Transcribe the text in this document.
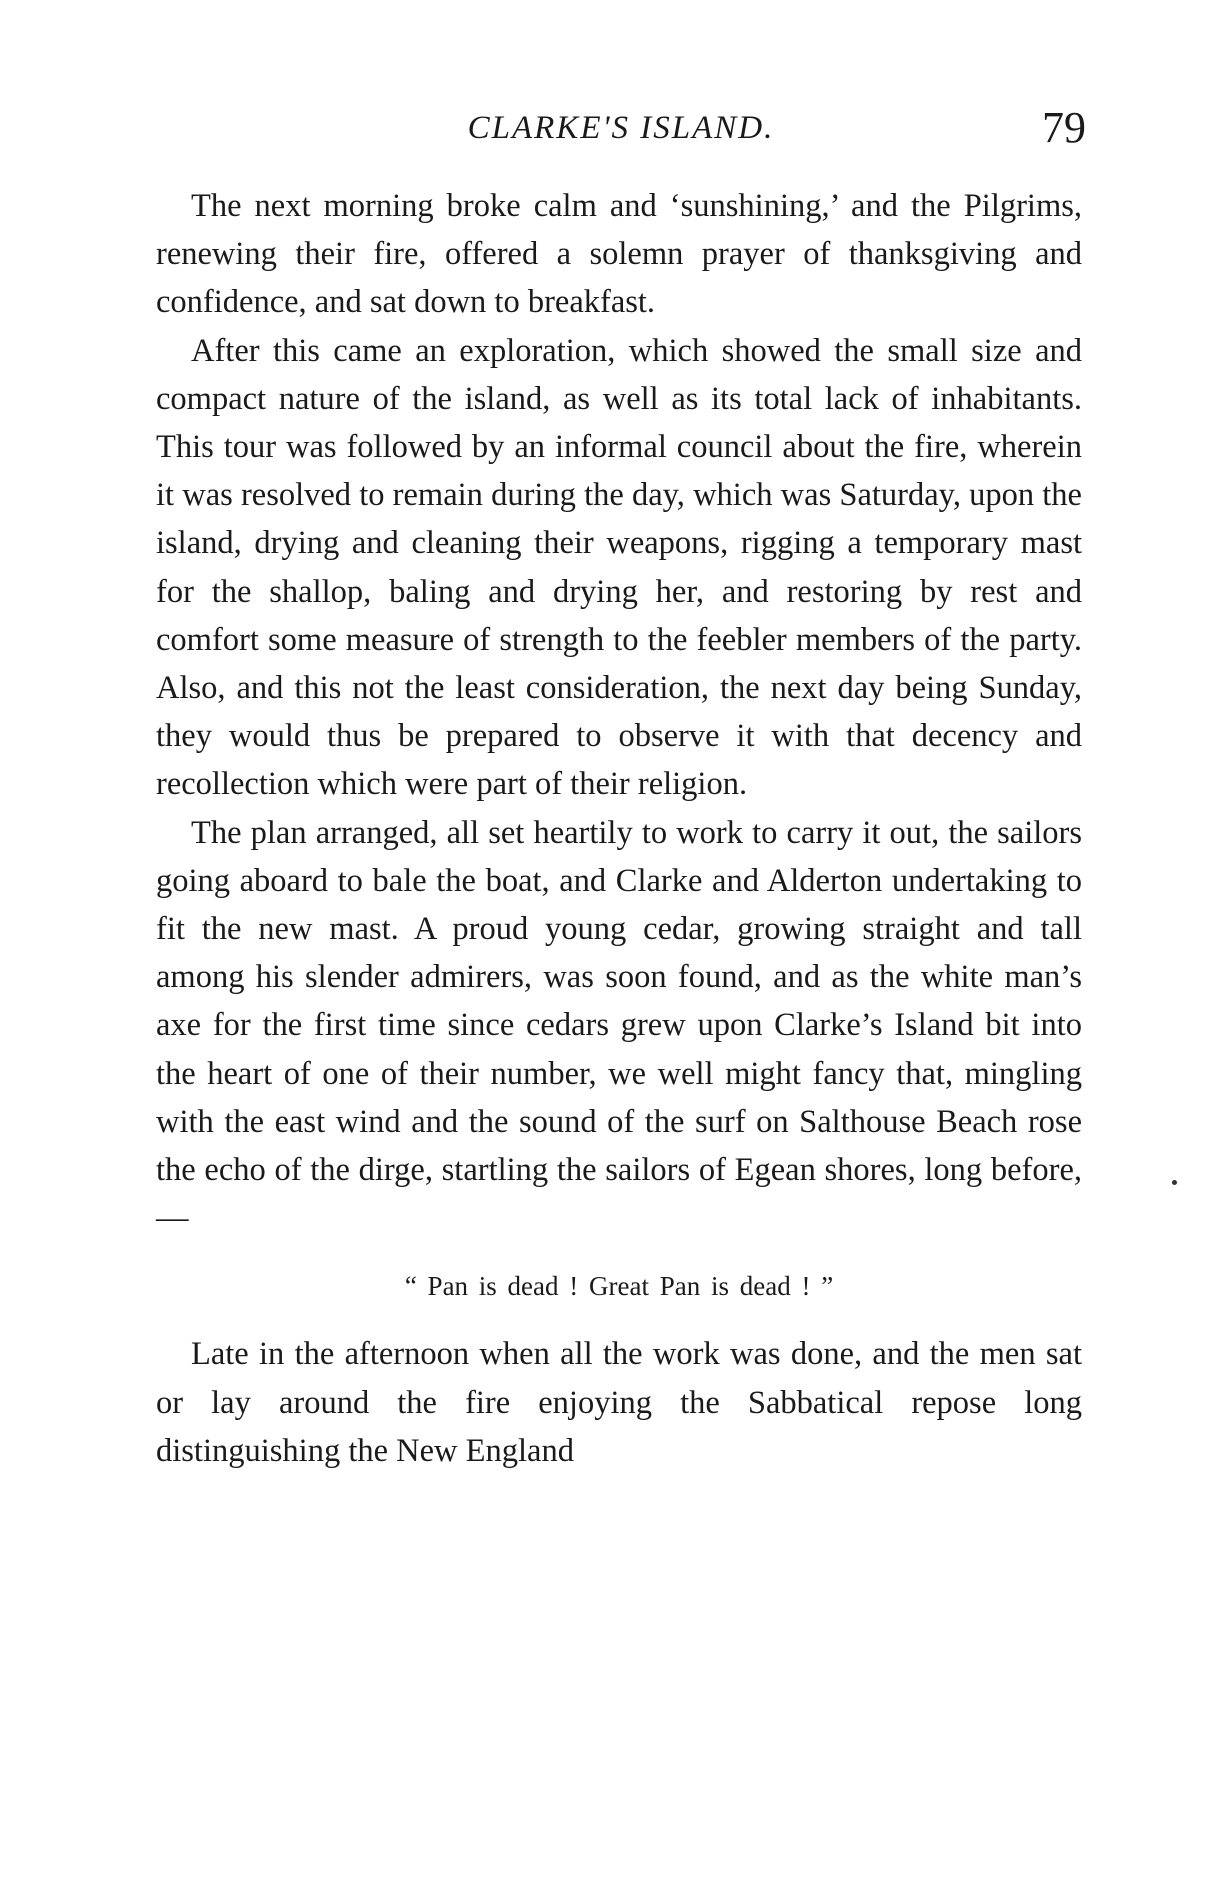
CLARKE'S ISLAND.	79

The next morning broke calm and ‘sunshining,’ and the Pilgrims, renewing their fire, offered a solemn prayer of thanksgiving and confidence, and sat down to breakfast.

After this came an exploration, which showed the small size and compact nature of the island, as well as its total lack of inhabitants. This tour was followed by an informal council about the fire, wherein it was resolved to remain during the day, which was Saturday, upon the island, drying and cleaning their weapons, rigging a temporary mast for the shallop, baling and drying her, and restoring by rest and comfort some measure of strength to the feebler members of the party. Also, and this not the least consideration, the next day being Sunday, they would thus be prepared to observe it with that decency and recollection which were part of their religion.

The plan arranged, all set heartily to work to carry it out, the sailors going aboard to bale the boat, and Clarke and Alderton undertaking to fit the new mast. A proud young cedar, growing straight and tall among his slender admirers, was soon found, and as the white man’s axe for the first time since cedars grew upon Clarke’s Island bit into the heart of one of their number, we well might fancy that, mingling with the east wind and the sound of the surf on Salthouse Beach rose the echo of the dirge, startling the sailors of Egean shores, long before, —

“ Pan is dead ! Great Pan is dead ! ”

Late in the afternoon when all the work was done, and the men sat or lay around the fire enjoying the Sabbatical repose long distinguishing the New England
